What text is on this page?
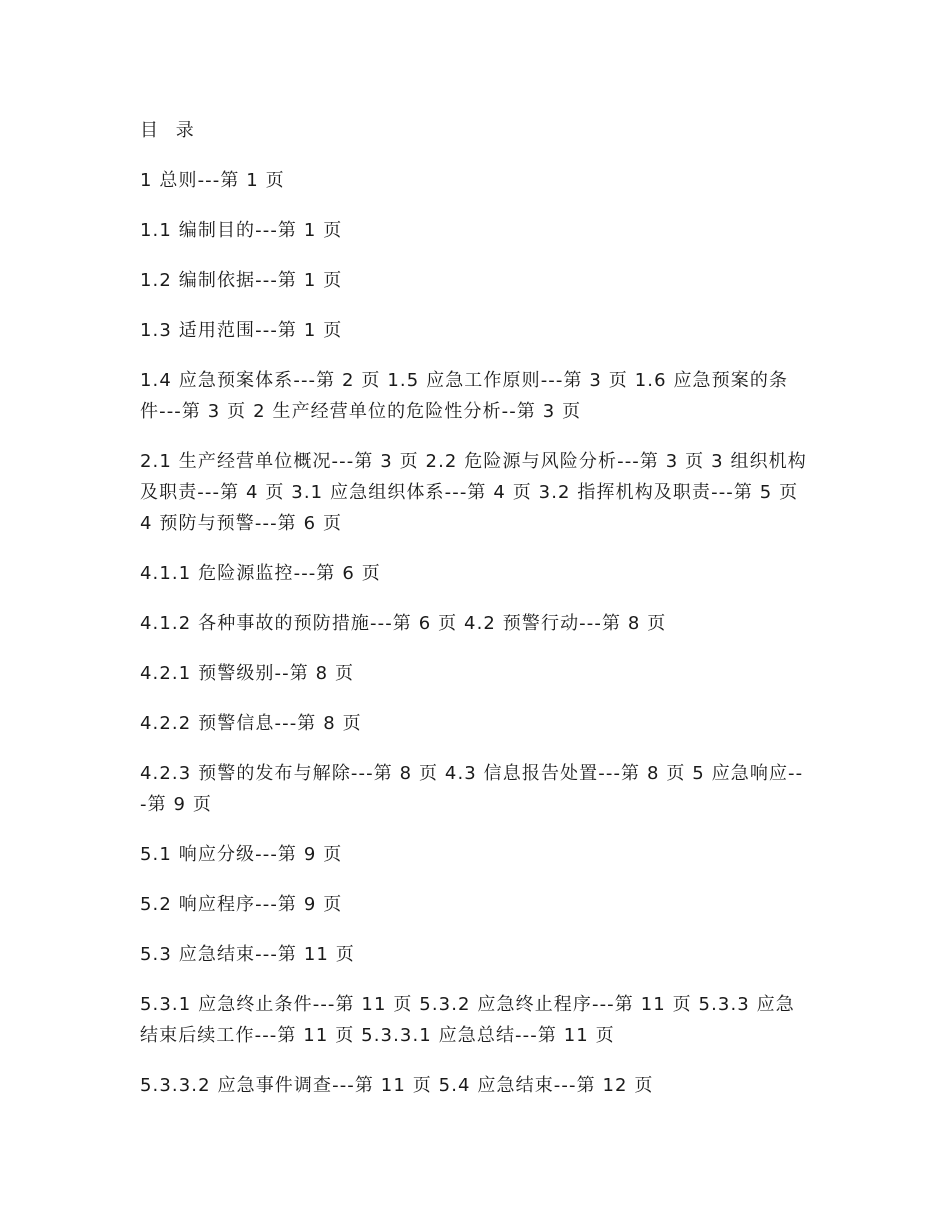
目 录
1 总则---第 1 页
1.1 编制目的---第 1 页
1.2 编制依据---第 1 页
1.3 适用范围---第 1 页
1.4 应急预案体系---第 2 页 1.5 应急工作原则---第 3 页 1.6 应急预案的条件---第 3 页 2 生产经营单位的危险性分析--第 3 页
2.1 生产经营单位概况---第 3 页 2.2 危险源与风险分析---第 3 页 3 组织机构及职责---第 4 页 3.1 应急组织体系---第 4 页 3.2 指挥机构及职责---第 5 页 4 预防与预警---第 6 页
4.1.1 危险源监控---第 6 页
4.1.2 各种事故的预防措施---第 6 页 4.2 预警行动---第 8 页
4.2.1 预警级别--第 8 页
4.2.2 预警信息---第 8 页
4.2.3 预警的发布与解除---第 8 页 4.3 信息报告处置---第 8 页 5 应急响应---第 9 页
5.1 响应分级---第 9 页
5.2 响应程序---第 9 页
5.3 应急结束---第 11 页
5.3.1 应急终止条件---第 11 页 5.3.2 应急终止程序---第 11 页 5.3.3 应急结束后续工作---第 11 页 5.3.3.1 应急总结---第 11 页
5.3.3.2 应急事件调查---第 11 页 5.4 应急结束---第 12 页
